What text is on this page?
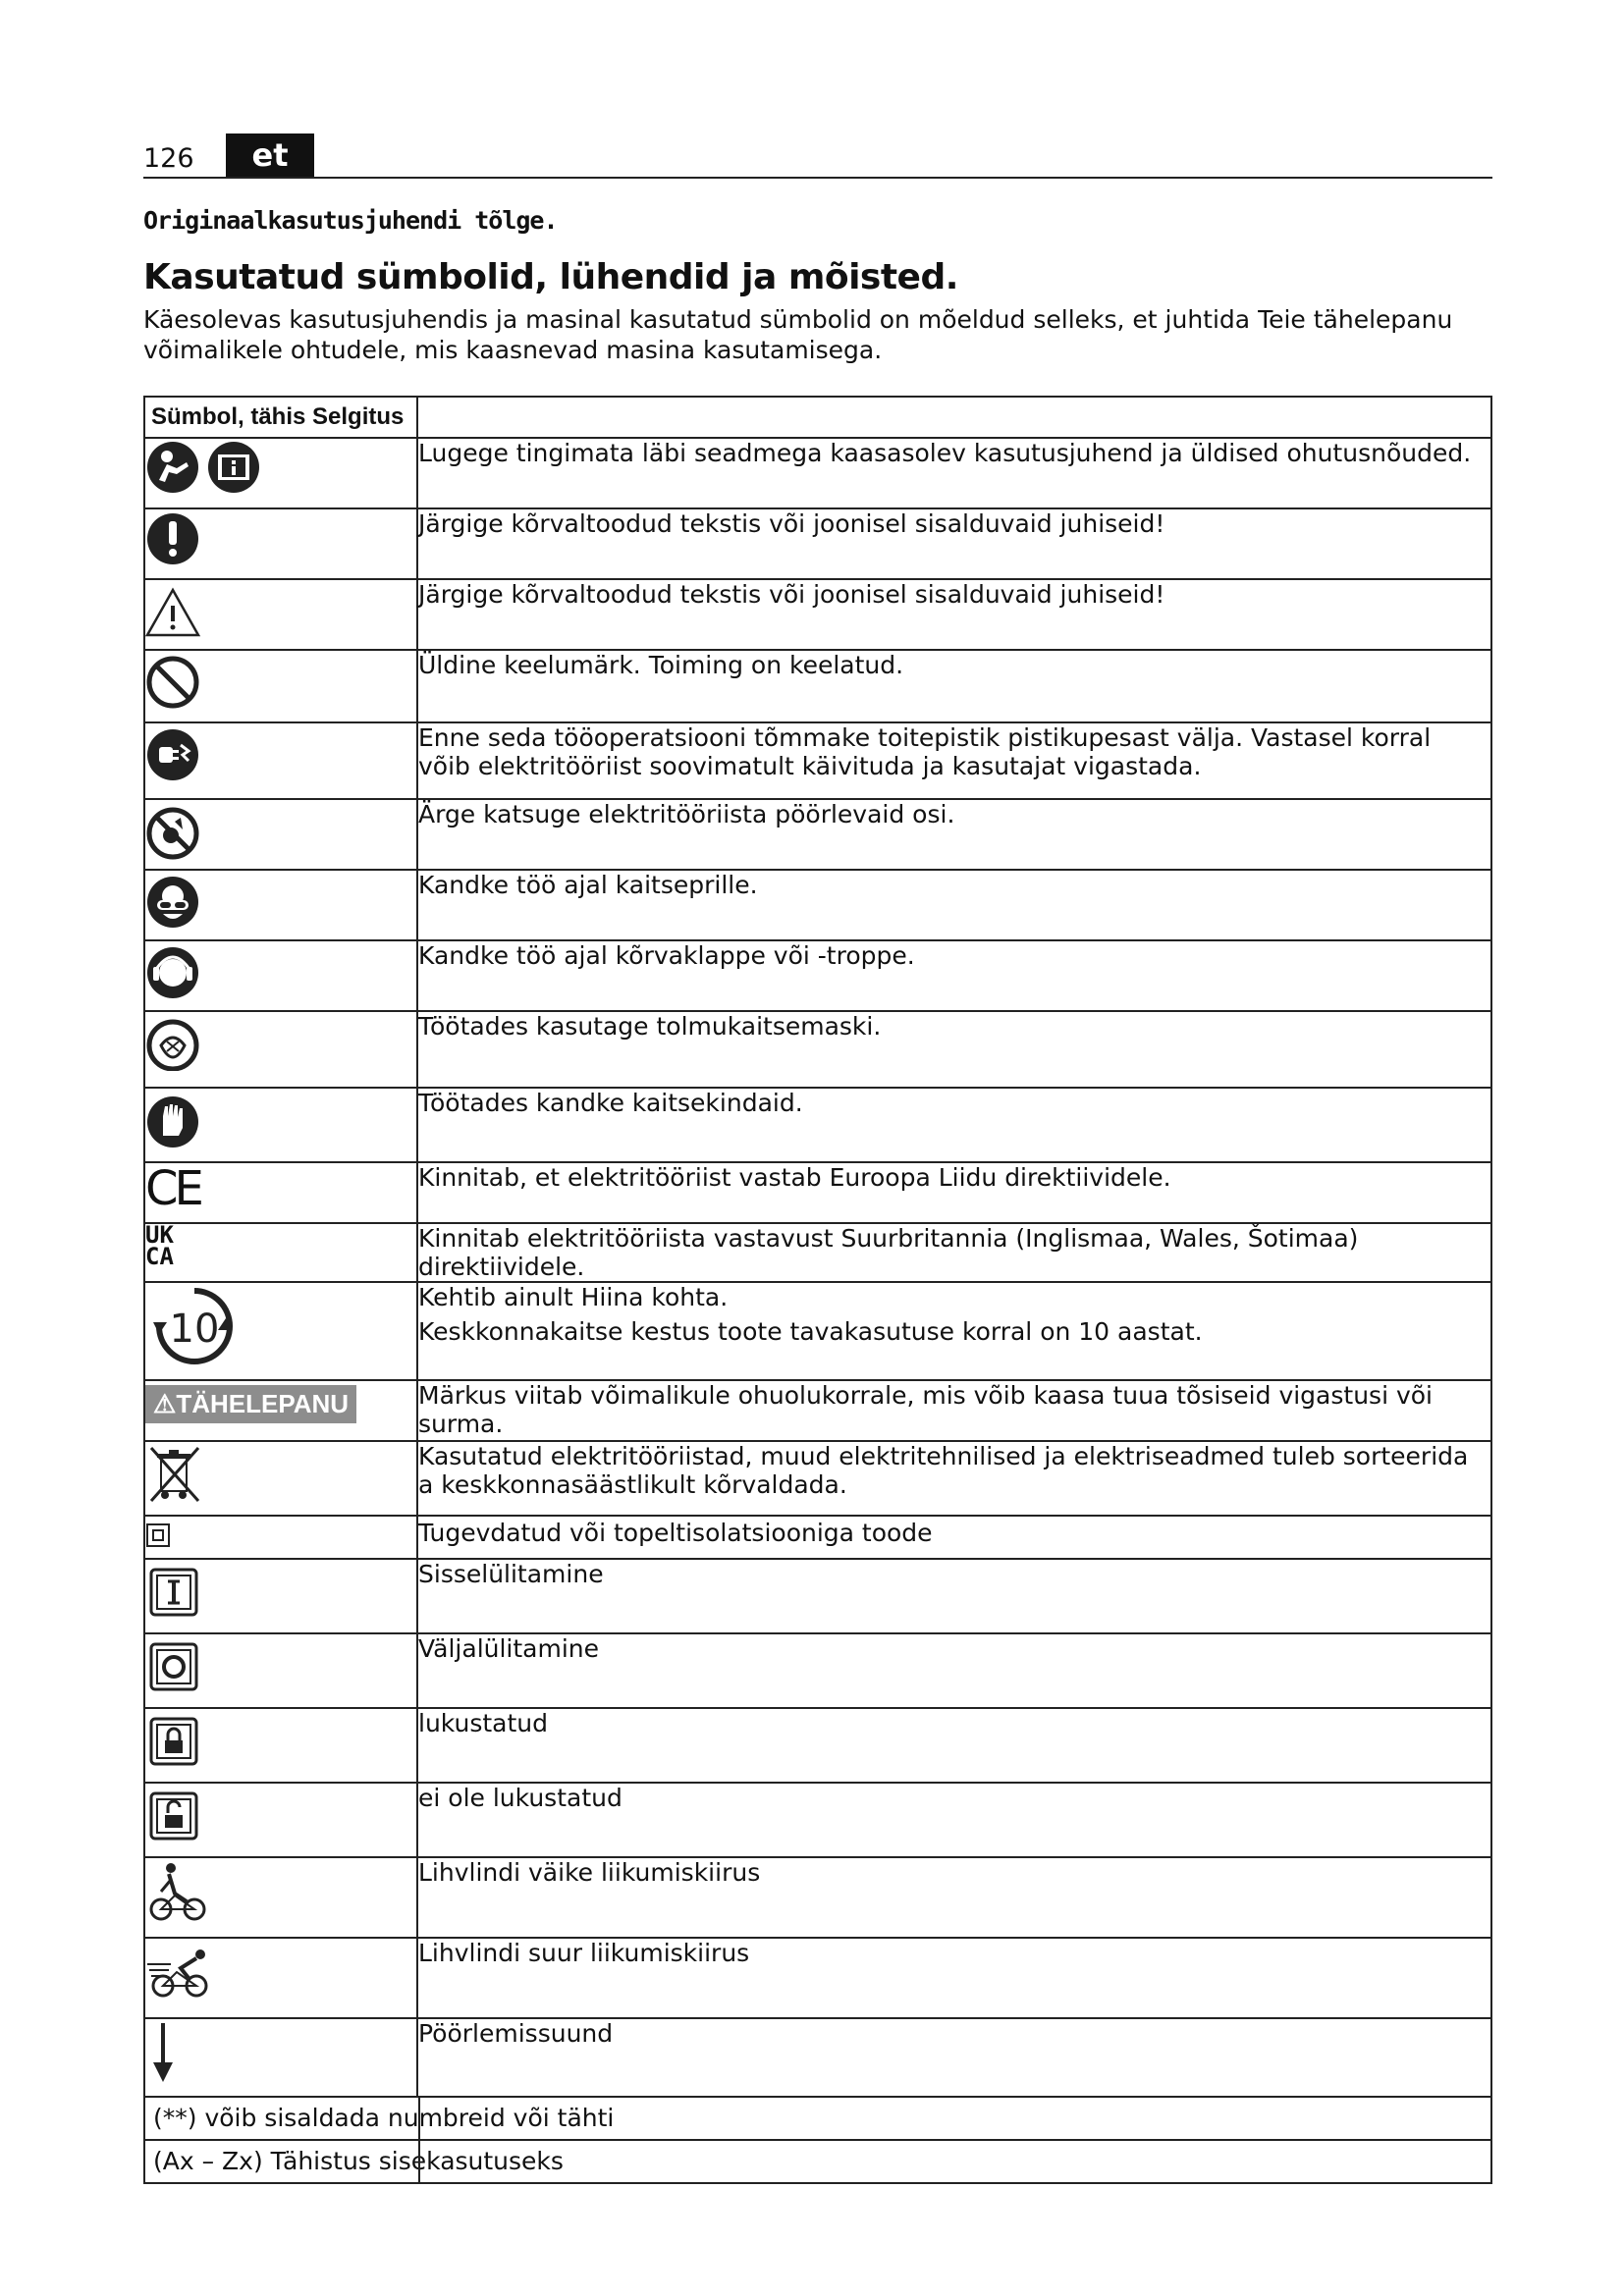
126	et
Originaalkasutusjuhendi tõlge.
Kasutatud sümbolid, lühendid ja mõisted.
Käesolevas kasutusjuhendis ja masinal kasutatud sümbolid on mõeldud selleks, et juhtida Teie tähelepanu võimalikele ohtudele, mis kaasnevad masina kasutamisega.
Sümbol, tähis Selgitus	

	Lugege tingimata läbi seadmega kaasasolev kasutusjuhend ja üldised ohutusnõuded.

	Järgige kõrvaltoodud tekstis või joonisel sisalduvaid juhiseid!

	Järgige kõrvaltoodud tekstis või joonisel sisalduvaid juhiseid!

	Üldine keelumärk. Toiming on keelatud.

	Enne seda tööoperatsiooni tõmmake toitepistik pistikupesast välja. Vastasel korral võib elektritööriist soovimatult käivituda ja kasutajat vigastada.

	Ärge katsuge elektritööriista pöörlevaid osi.

	Kandke töö ajal kaitseprille.

	Kandke töö ajal kõrvaklappe või -troppe.

	Töötades kasutage tolmukaitsemaski.

	Töötades kandke kaitsekindaid.
CE	Kinnitab, et elektritööriist vastab Euroopa Liidu direktiividele.
UK
CA	Kinnitab elektritööriista vastavust Suurbritannia (Inglismaa, Wales, Šotimaa) direktiividele.

10	Kehtib ainult Hiina kohta.
Keskkonnakaitse kestus toote tavakasutuse korral on 10 aastat.

⚠TÄHELEPANU	Märkus viitab võimalikule ohuolukorrale, mis võib kaasa tuua tõsiseid vigastusi või surma.

	Kasutatud elektritööriistad, muud elektritehnilised ja elektriseadmed tuleb sorteerida a keskkonnasäästlikult kõrvaldada.

	Tugevdatud või topeltisolatsiooniga toode

	Sisselülitamine

	Väljalülitamine

	lukustatud

	ei ole lukustatud

	Lihvlindi väike liikumiskiirus

	Lihvlindi suur liikumiskiirus

	Pöörlemissuund
(**) võib sisaldada numbreid või tähti	

(Ax – Zx) Tähistus sisekasutuseks	
